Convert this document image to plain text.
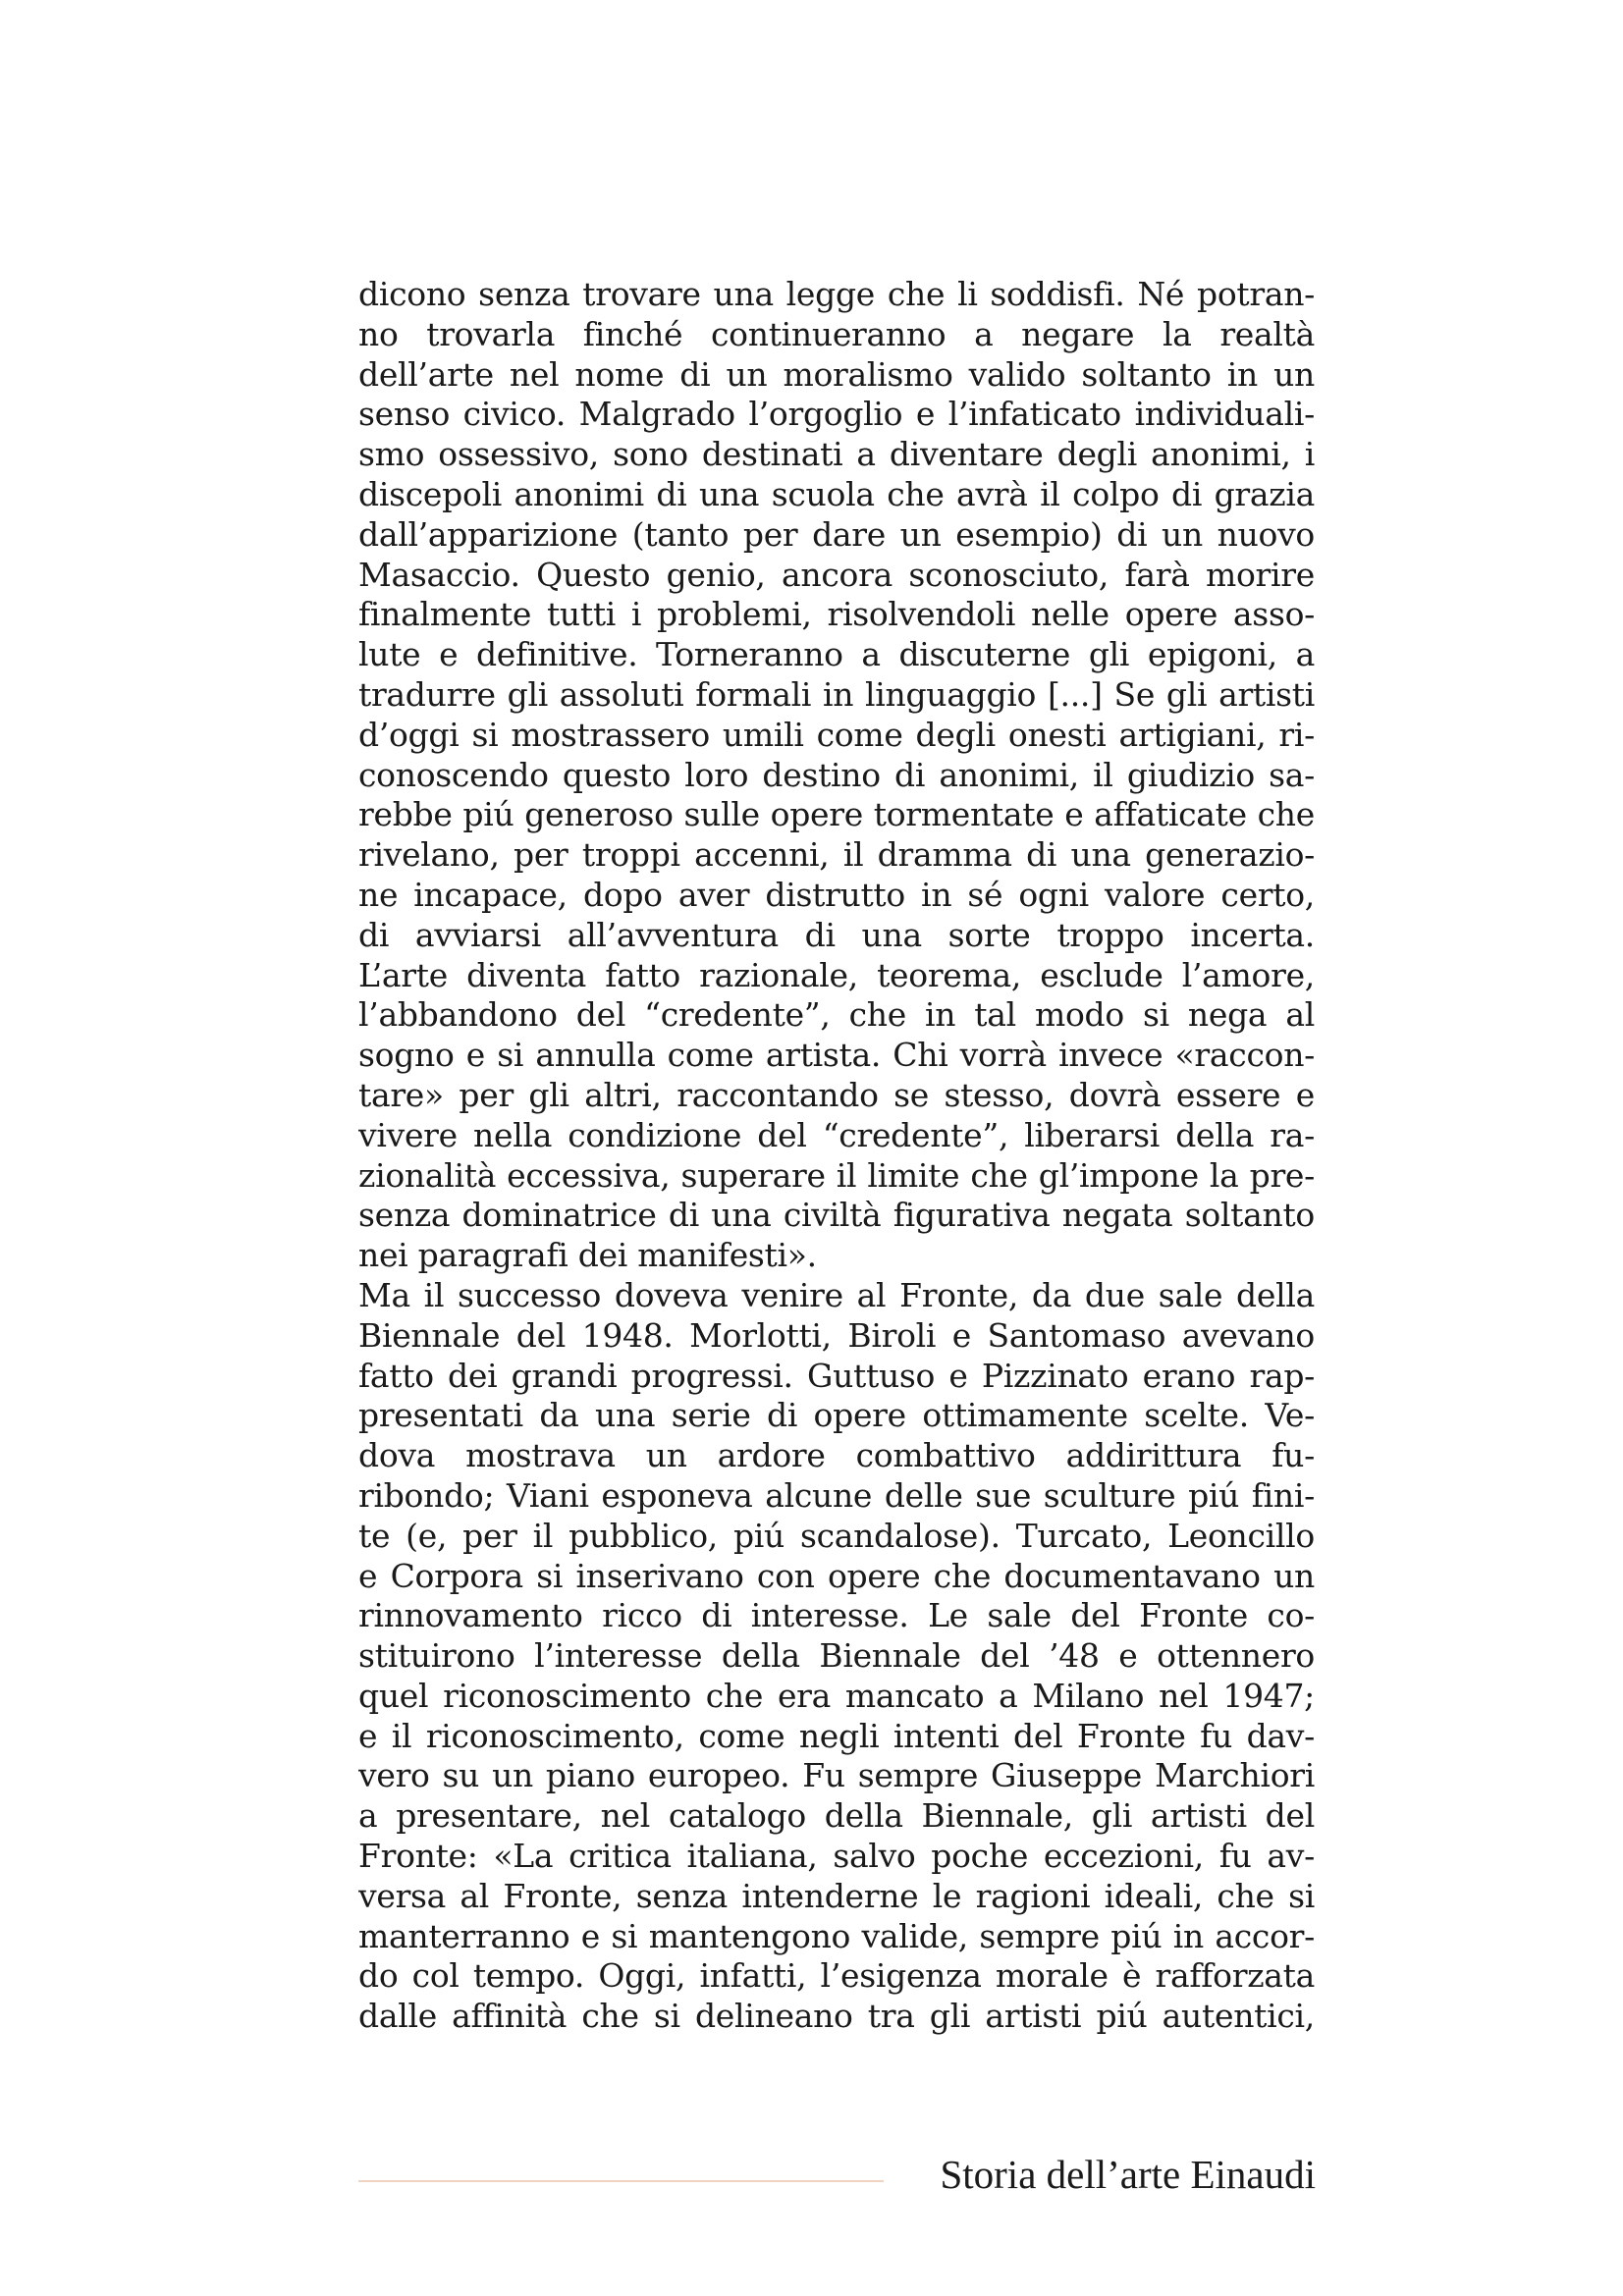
dicono senza trovare una legge che li soddisfi. Né potran-
no trovarla finché continueranno a negare la realtà
dell’arte nel nome di un moralismo valido soltanto in un
senso civico. Malgrado l’orgoglio e l’infaticato individuali-
smo ossessivo, sono destinati a diventare degli anonimi, i
discepoli anonimi di una scuola che avrà il colpo di grazia
dall’apparizione (tanto per dare un esempio) di un nuovo
Masaccio. Questo genio, ancora sconosciuto, farà morire
finalmente tutti i problemi, risolvendoli nelle opere asso-
lute e definitive. Torneranno a discuterne gli epigoni, a
tradurre gli assoluti formali in linguaggio [...] Se gli artisti
d’oggi si mostrassero umili come degli onesti artigiani, ri-
conoscendo questo loro destino di anonimi, il giudizio sa-
rebbe piú generoso sulle opere tormentate e affaticate che
rivelano, per troppi accenni, il dramma di una generazio-
ne incapace, dopo aver distrutto in sé ogni valore certo,
di avviarsi all’avventura di una sorte troppo incerta.
L’arte diventa fatto razionale, teorema, esclude l’amore,
l’abbandono del “credente”, che in tal modo si nega al
sogno e si annulla come artista. Chi vorrà invece «raccon-
tare» per gli altri, raccontando se stesso, dovrà essere e
vivere nella condizione del “credente”, liberarsi della ra-
zionalità eccessiva, superare il limite che gl’impone la pre-
senza dominatrice di una civiltà figurativa negata soltanto
nei paragrafi dei manifesti».
Ma il successo doveva venire al Fronte, da due sale della
Biennale del 1948. Morlotti, Biroli e Santomaso avevano
fatto dei grandi progressi. Guttuso e Pizzinato erano rap-
presentati da una serie di opere ottimamente scelte. Ve-
dova mostrava un ardore combattivo addirittura fu-
ribondo; Viani esponeva alcune delle sue sculture piú fini-
te (e, per il pubblico, piú scandalose). Turcato, Leoncillo
e Corpora si inserivano con opere che documentavano un
rinnovamento ricco di interesse. Le sale del Fronte co-
stituirono l’interesse della Biennale del ’48 e ottennero
quel riconoscimento che era mancato a Milano nel 1947;
e il riconoscimento, come negli intenti del Fronte fu dav-
vero su un piano europeo. Fu sempre Giuseppe Marchiori
a presentare, nel catalogo della Biennale, gli artisti del
Fronte: «La critica italiana, salvo poche eccezioni, fu av-
versa al Fronte, senza intenderne le ragioni ideali, che si
manterranno e si mantengono valide, sempre piú in accor-
do col tempo. Oggi, infatti, l’esigenza morale è rafforzata
dalle affinità che si delineano tra gli artisti piú autentici,
Storia dell’arte Einaudi
